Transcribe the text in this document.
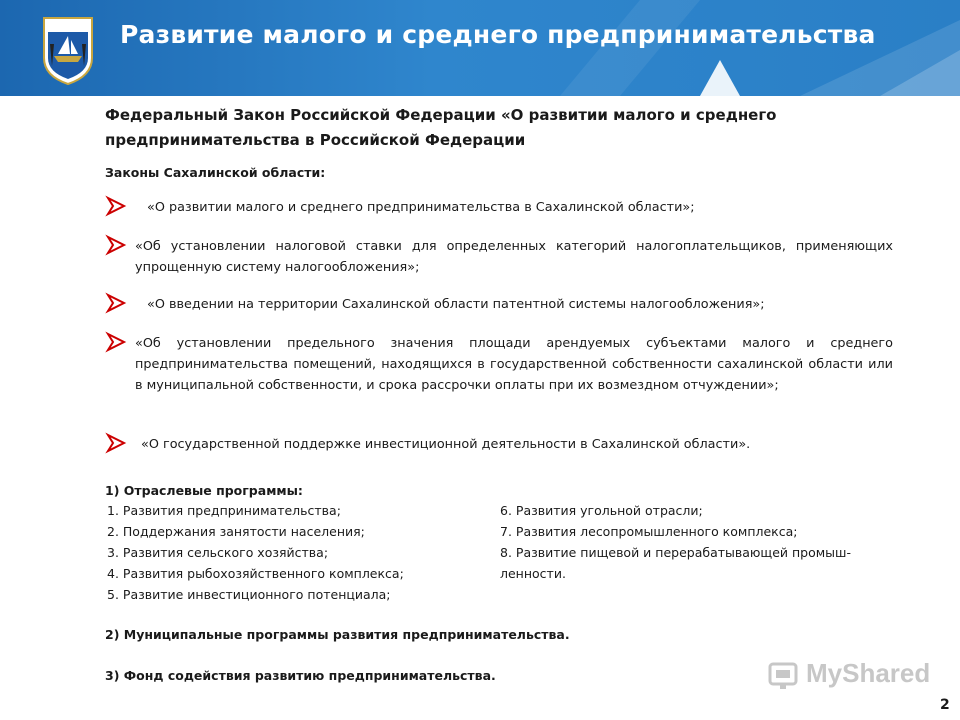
Развитие малого и среднего предпринимательства
Федеральный Закон Российской Федерации «О развитии малого и среднего предпринимательства в Российской Федерации
Законы Сахалинской области:
«О развитии малого и среднего предпринимательства в Сахалинской области»;
«Об установлении налоговой ставки для определенных категорий налогоплательщиков, применяющих упрощенную систему налогообложения»;
«О введении на территории Сахалинской области патентной системы налогообложения»;
«Об установлении предельного значения площади арендуемых субъектами малого и среднего предпринимательства помещений, находящихся в государственной собственности сахалинской области или в муниципальной собственности, и срока рассрочки оплаты при их возмездном отчуждении»;
«О государственной поддержке инвестиционной деятельности в Сахалинской области».
1) Отраслевые программы:
1. Развития предпринимательства;
2. Поддержания занятости населения;
3. Развития сельского хозяйства;
4. Развития рыбохозяйственного комплекса;
5. Развитие инвестиционного потенциала;
6. Развития угольной отрасли;
7. Развития лесопромышленного комплекса;
8. Развитие пищевой и перерабатывающей промыш-ленности.
2) Муниципальные программы развития предпринимательства.
3) Фонд содействия развитию предпринимательства.	MyShared
2
